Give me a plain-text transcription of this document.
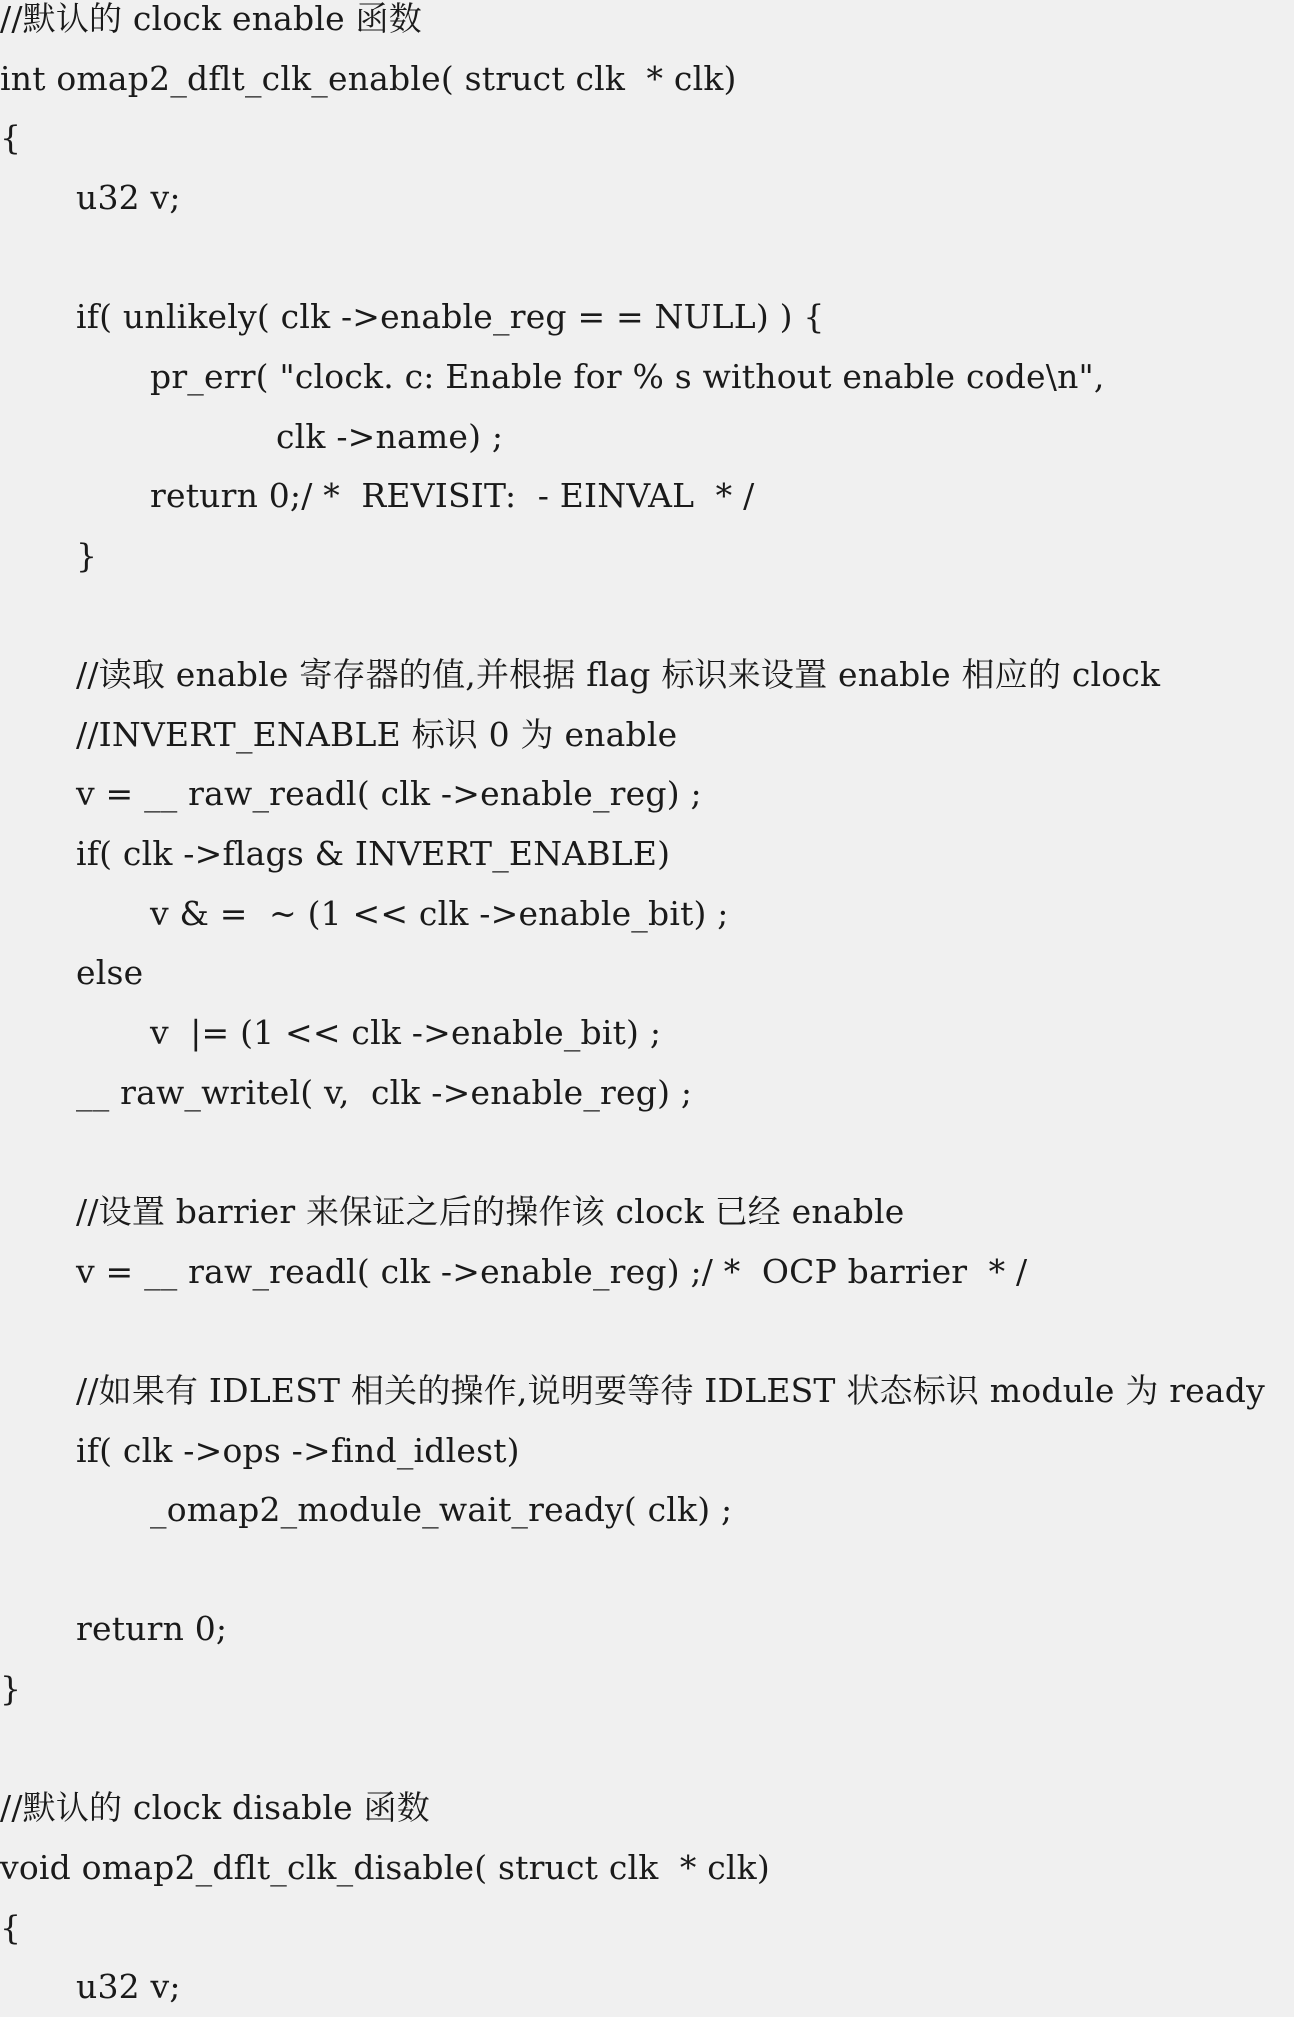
//默认的 clock enable 函数
int omap2_dflt_clk_enable( struct clk  * clk)
{
u32 v;
if( unlikely( clk ->enable_reg = = NULL) ) {
pr_err( "clock. c: Enable for % s without enable code\n",
clk ->name) ;
return 0;/ *  REVISIT:  - EINVAL  * /
}
//读取 enable 寄存器的值,并根据 flag 标识来设置 enable 相应的 clock
//INVERT_ENABLE 标识 0 为 enable
v = __ raw_readl( clk ->enable_reg) ;
if( clk ->flags & INVERT_ENABLE)
v & =  ~ (1 << clk ->enable_bit) ;
else
v  |= (1 << clk ->enable_bit) ;
__ raw_writel( v,  clk ->enable_reg) ;
//设置 barrier 来保证之后的操作该 clock 已经 enable
v = __ raw_readl( clk ->enable_reg) ;/ *  OCP barrier  * /
//如果有 IDLEST 相关的操作,说明要等待 IDLEST 状态标识 module 为 ready
if( clk ->ops ->find_idlest)
_omap2_module_wait_ready( clk) ;
return 0;
}
//默认的 clock disable 函数
void omap2_dflt_clk_disable( struct clk  * clk)
{
u32 v;
